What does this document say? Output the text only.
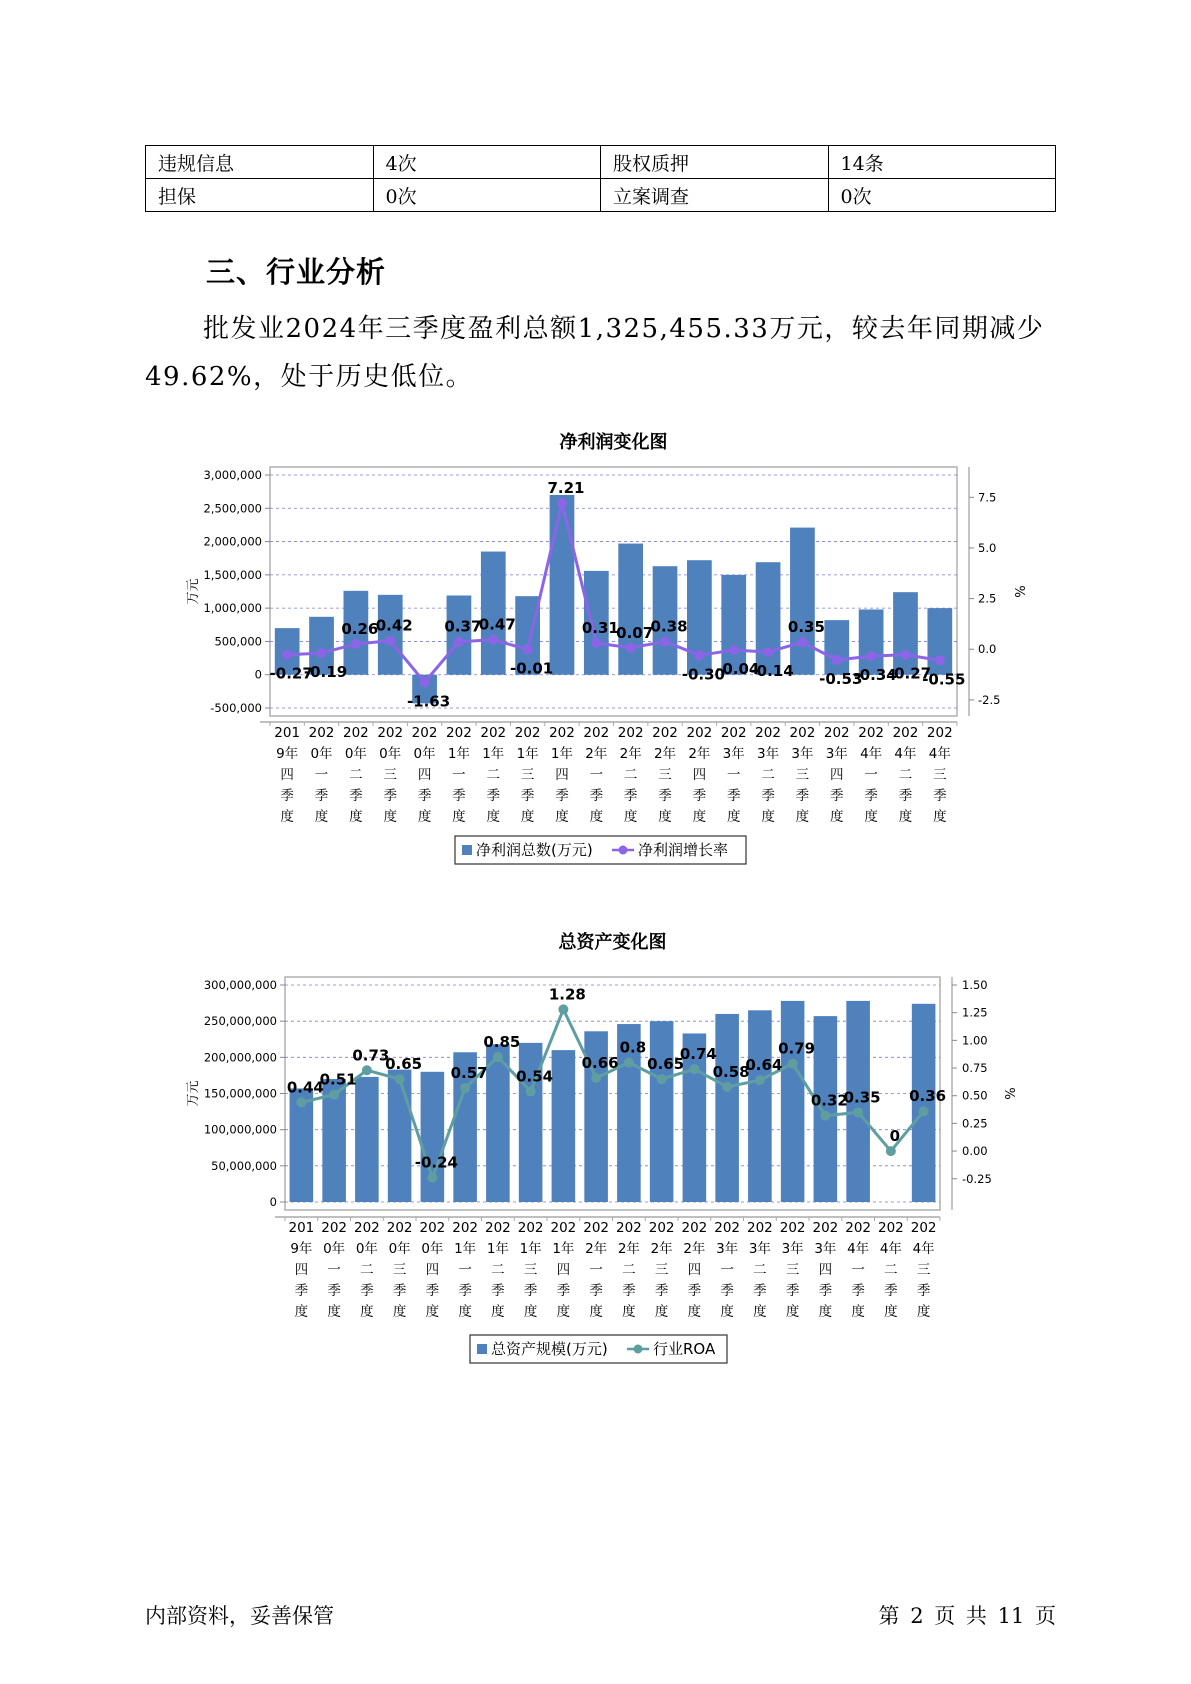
违规信息	4次	股权质押	14条
担保	0次	立案调查	0次
三、行业分析

批发业2024年三季度盈利总额1,325,455.33万元，较去年同期减少49.62%，处于历史低位。

净利润变化图
3,000,000
2,500,000
2,000,000
1,500,000
1,000,000
500,000
0
-500,000
7.5
5.0
2.5
0.0
-2.5
万元	%
-0.27
-0.19
0.26
0.42
-1.63
0.37
0.47
-0.01
7.21
0.31
0.07
0.38
-0.30
-0.04
-0.14
0.35
-0.53
-0.34
-0.27
-0.55
201
9年
四
季
度
202
0年
一
季
度
202
0年
二
季
度
202
0年
三
季
度
202
0年
四
季
度
202
1年
一
季
度
202
1年
二
季
度
202
1年
三
季
度
202
1年
四
季
度
202
2年
一
季
度
202
2年
二
季
度
202
2年
三
季
度
202
2年
四
季
度
202
3年
一
季
度
202
3年
二
季
度
202
3年
三
季
度
202
3年
四
季
度
202
4年
一
季
度
202
4年
二
季
度
202
4年
三
季
度
净利润总数(万元)	净利润增长率
总资产变化图
300,000,000
250,000,000
200,000,000
150,000,000
100,000,000
50,000,000
0
1.50
1.25
1.00
0.75
0.50
0.25
0.00
-0.25
万元	%
0.44
0.51
0.73
0.65
-0.24
0.57
0.85
0.54
1.28
0.66
0.8
0.65
0.74
0.58
0.64
0.79
0.32
0.35
0
0.36
201
9年
四
季
度
202
0年
一
季
度
202
0年
二
季
度
202
0年
三
季
度
202
0年
四
季
度
202
1年
一
季
度
202
1年
二
季
度
202
1年
三
季
度
202
1年
四
季
度
202
2年
一
季
度
202
2年
二
季
度
202
2年
三
季
度
202
2年
四
季
度
202
3年
一
季
度
202
3年
二
季
度
202
3年
三
季
度
202
3年
四
季
度
202
4年
一
季
度
202
4年
二
季
度
202
4年
三
季
度
总资产规模(万元)	行业ROA
内部资料，妥善保管	第 2 页 共 11 页
